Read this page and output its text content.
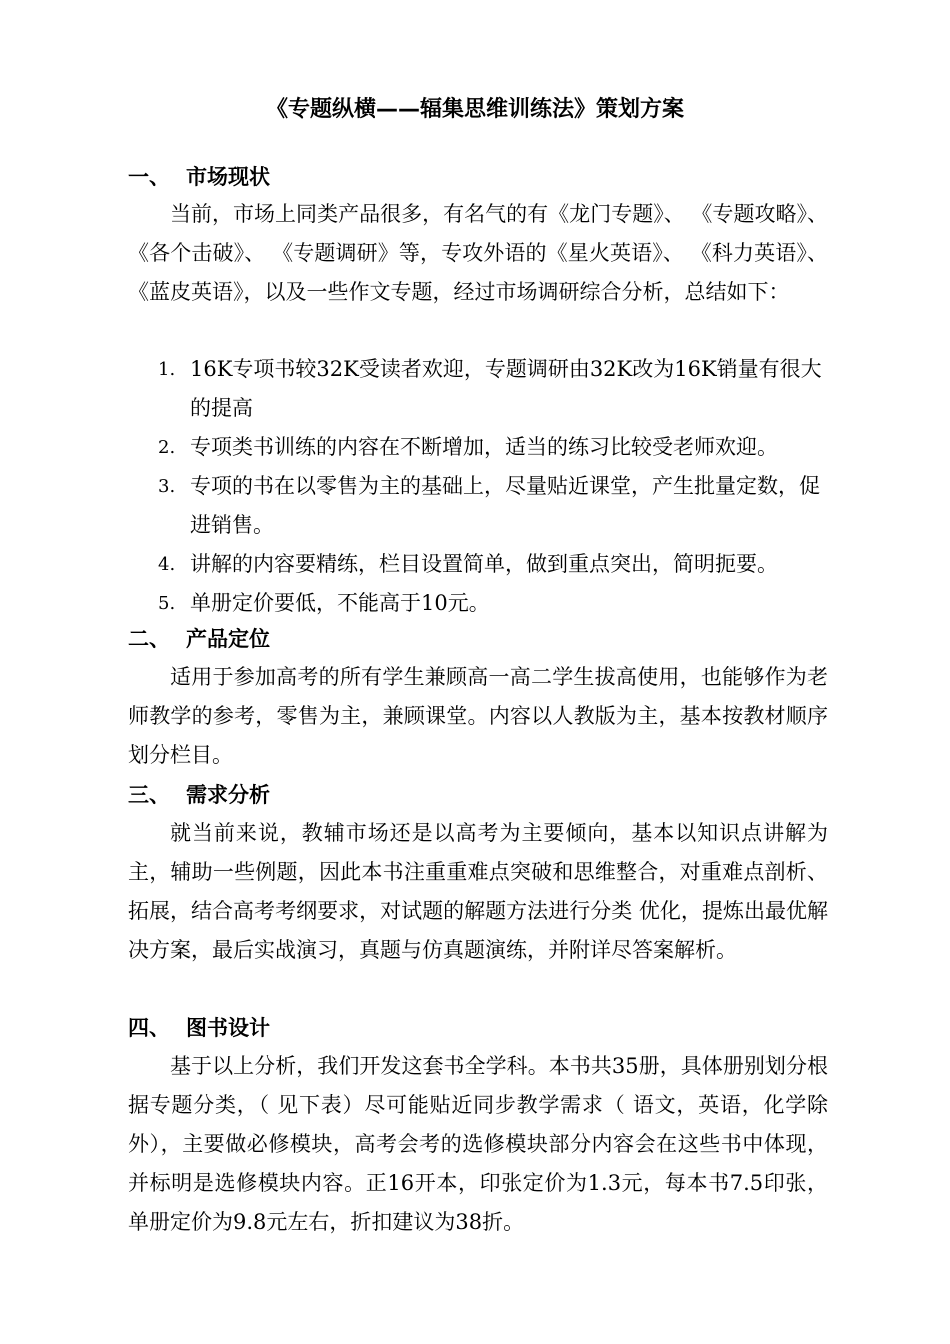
《专题纵横——辐集思维训练法》策划方案
一、 市场现状
当前，市场上同类产品很多，有名气的有《龙门专题》、 《专题攻略》、 《各个击破》、 《专题调研》等，专攻外语的《星火英语》、 《科力英语》、 《蓝皮英语》，以及一些作文专题，经过市场调研综合分析，总结如下：
1. 16K专项书较32K受读者欢迎，专题调研由32K改为16K销量有很大的提高
2. 专项类书训练的内容在不断增加，适当的练习比较受老师欢迎。
3. 专项的书在以零售为主的基础上，尽量贴近课堂，产生批量定数，促进销售。
4. 讲解的内容要精练，栏目设置简单，做到重点突出，简明扼要。
5. 单册定价要低，不能高于10元。
二、 产品定位
适用于参加高考的所有学生兼顾高一高二学生拔高使用，也能够作为老师教学的参考，零售为主，兼顾课堂。内容以人教版为主，基本按教材顺序划分栏目。
三、 需求分析
就当前来说，教辅市场还是以高考为主要倾向，基本以知识点讲解为主，辅助一些例题，因此本书注重重难点突破和思维整合，对重难点剖析、 拓展，结合高考考纲要求，对试题的解题方法进行分类 优化，提炼出最优解决方案，最后实战演习，真题与仿真题演练，并附详尽答案解析。
四、 图书设计
基于以上分析，我们开发这套书全学科。本书共35册，具体册别划分根据专题分类，（ 见下表）尽可能贴近同步教学需求（ 语文，英语，化学除外），主要做必修模块，高考会考的选修模块部分内容会在这些书中体现，并标明是选修模块内容。正16开本，印张定价为1.3元，每本书7.5印张，单册定价为9.8元左右，折扣建议为38折。
